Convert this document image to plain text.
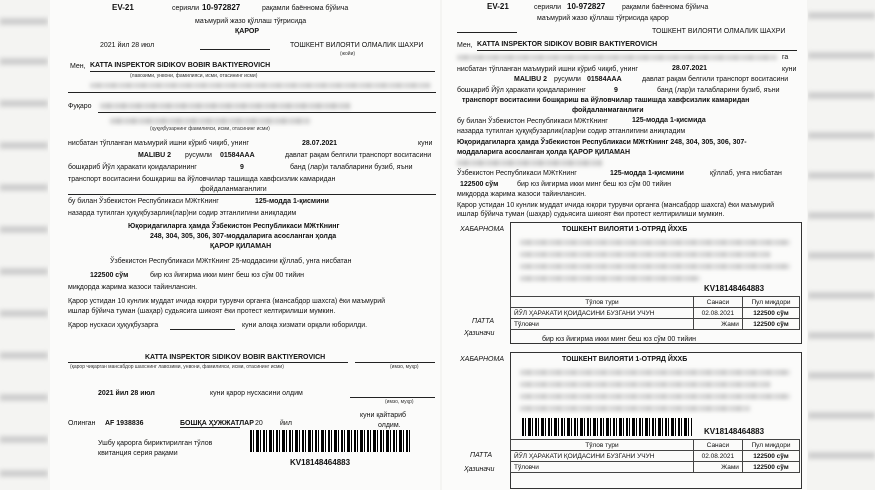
EV-21	серияли 10-972827	рақамли баённома бўйича
маъмурий жазо қўллаш тўғрисида
ҚАРОР
2021 йил 28 июл	ТОШКЕНТ ВИЛОЯТИ ОЛМАЛИК ШАХРИ
(жойи)
Мен, KATTA INSPEKTOR SIDIKOV BOBIR BAKTIYEROVICH
(лавозими, унвони, фамилияси, исми, отасининг исми)
Фуқаро
(ҳуқуқбузарнинг фамилияси, исми, отасининг исми)
нисбатан тўпланган маъмурий ишни кўриб чиқиб, унинг	28.07.2021	куни
MALIBU 2 русумли 01584AAA	давлат рақам белгили транспорт воситасини
бошқариб Йўл ҳаракати қоидаларининг	9	банд (лар)и талабларини бузиб, яъни
транспорт воситасини бошқариш ва йўловчилар ташишда хавфсизлик камаридан
фойдаланмаганлиги
бу билан Ўзбекистон Республикаси МЖтКнинг	125-модда 1-қисмини
назарда тутилган ҳуқуқбузарлик(лар)ни содир этганлигини аниқладим
Юқоридагиларга ҳамда Ўзбекистон Республикаси МЖтКнинг
248, 304, 305, 306, 307-моддаларига асосланган ҳолда
ҚАРОР ҚИЛАМАН
Ўзбекистон Республикаси МЖтКнинг 25-моддасини қўллаб, унга нисбатан
122500 сўм	бир юз йигирма икки минг беш юз сўм 00 тийин
миқдорда жарима жазоси тайинлансин.
Қарор устидан 10 кунлик муддат ичида юқори турувчи органга (мансабдор шахсга) ёки маъмурий
ишлар бўйича туман (шаҳар) судьясига шикоят ёки протест келтирилиши мумкин.
Қарор нусхаси ҳуқуқбузарга	куни алоқа хизмати орқали юборилди.
KATTA INSPEKTOR SIDIKOV BOBIR BAKTIYEROVICH
(қарор чиқарган мансабдор шахснинг лавозими, унвони, фамилияси, исми, отасининг исми)	(имзо, муҳр)
2021 йил 28 июл	куни қарор нусхасини олдим
(имзо, муҳр)
Олинган AF 1938836	БОШҚА ҲУЖЖАТЛАР 20 йил
куни қайтариб
олдим.
Ушбу қарорга бириктирилган тўлов
квитанция серия рақами
KV18148464883
EV-21	серияли 10-972827 рақамли баённома бўйича
маъмурий жазо қўллаш тўғрисида қарор
ТОШКЕНТ ВИЛОЯТИ ОЛМАЛИК ШАХРИ
Мен, KATTA INSPEKTOR SIDIKOV BOBIR BAKTIYEROVICH
га
нисбатан тўпланган маъмурий ишни кўриб чиқиб, унинг	28.07.2021	куни
MALIBU 2 русумли 01584AAA	давлат рақам белгили транспорт воситасини
бошқариб Йўл ҳаракати қоидаларининг	9	банд (лар)и талабларини бузиб, яъни
транспорт воситасини бошқариш ва йўловчилар ташишда хавфсизлик камаридан
фойдаланмаганлиги
бу билан Ўзбекистон Республикаси МЖтКнинг	125-модда 1-қисмида
назарда тутилган ҳуқуқбузарлик(лар)ни содир этганлигини аниқладим
Юқоридагиларга ҳамда Ўзбекистон Республикаси МЖтКнинг 248, 304, 305, 306, 307-
моддаларига асосланган ҳолда ҚАРОР ҚИЛАМАН
Ўзбекистон Республикаси МЖтКнинг	125-модда 1-қисмини	қўллаб, унга нисбатан
122500 сўм	бир юз йигирма икки минг беш юз сўм 00 тийин
миқдорда жарима жазоси тайинлансин.
Қарор устидан 10 кунлик муддат ичида юқори турувчи органга (мансабдор шахсга) ёки маъмурий
ишлар бўйича туман (шаҳар) судьясига шикоят ёки протест келтирилиши мумкин.
ХАБАРНОМА	ТОШКЕНТ ВИЛОЯТИ 1-ОТРЯД ЙХХБ
KV18148464883
ПАТТА
Ҳазиначи
Тўлов тури	Санаси	Пул миқдори
ЙЎЛ ҲАРАКАТИ ҚОИДАСИНИ БУЗГАНИ УЧУН	02.08.2021	122500 сўм
Тўловчи	Жами	122500 сўм
бир юз йигирма икки минг беш юз сўм 00 тийин
ХАБАРНОМА	ТОШКЕНТ ВИЛОЯТИ 1-ОТРЯД ЙХХБ
KV18148464883
ПАТТА
Ҳазиначи
Тўлов тури	Санаси	Пул миқдори
ЙЎЛ ҲАРАКАТИ ҚОИДАСИНИ БУЗГАНИ УЧУН	02.08.2021	122500 сўм
Тўловчи	Жами	122500 сўм
